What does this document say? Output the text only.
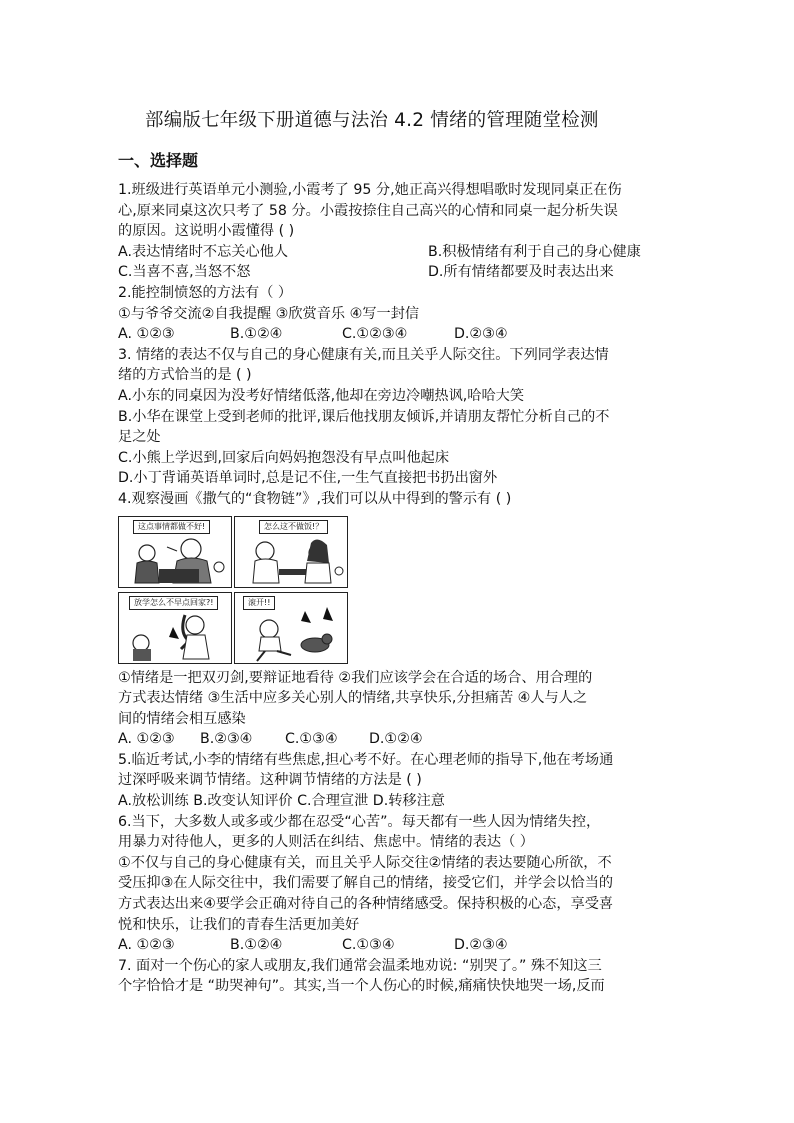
部编版七年级下册道德与法治 4.2 情绪的管理随堂检测
一、选择题
1.班级进行英语单元小测验,小霞考了 95 分,她正高兴得想唱歌时发现同桌正在伤
心,原来同桌这次只考了 58 分。小霞按捺住自己高兴的心情和同桌一起分析失误
的原因。这说明小霞懂得 ( )
A.表达情绪时不忘关心他人	B.积极情绪有利于自己的身心健康
C.当喜不喜,当怒不怒	D.所有情绪都要及时表达出来
2.能控制愤怒的方法有（ ）
①与爷爷交流②自我提醒 ③欣赏音乐 ④写一封信
A. ①②③	B.①②④	C.①②③④	D.②③④
3. 情绪的表达不仅与自己的身心健康有关,而且关乎人际交往。下列同学表达情
绪的方式恰当的是 ( )
A.小东的同桌因为没考好情绪低落,他却在旁边冷嘲热讽,哈哈大笑
B.小华在课堂上受到老师的批评,课后他找朋友倾诉,并请朋友帮忙分析自己的不
足之处
C.小熊上学迟到,回家后向妈妈抱怨没有早点叫他起床
D.小丁背诵英语单词时,总是记不住,一生气直接把书扔出窗外
4.观察漫画《撒气的“食物链”》,我们可以从中得到的警示有 ( )
这点事情都做不好!	怎么这不做饭!？
放学怎么不早点回家?!	滚开!!
①情绪是一把双刃剑,要辩证地看待 ②我们应该学会在合适的场合、用合理的
方式表达情绪 ③生活中应多关心别人的情绪,共享快乐,分担痛苦 ④人与人之
间的情绪会相互感染
A. ①②③ B.②③④ C.①③④ D.①②④
5.临近考试,小李的情绪有些焦虑,担心考不好。在心理老师的指导下,他在考场通
过深呼吸来调节情绪。这种调节情绪的方法是 ( )
A.放松训练 B.改变认知评价 C.合理宣泄 D.转移注意
6.当下，大多数人或多或少都在忍受“心苦”。每天都有一些人因为情绪失控，
用暴力对待他人，更多的人则活在纠结、焦虑中。情绪的表达（ ）
①不仅与自己的身心健康有关，而且关乎人际交往②情绪的表达要随心所欲，不
受压抑③在人际交往中，我们需要了解自己的情绪，接受它们，并学会以恰当的
方式表达出来④要学会正确对待自己的各种情绪感受。保持积极的心态，享受喜
悦和快乐，让我们的青春生活更加美好
A. ①②③	B.①②④	C.①③④	D.②③④
7. 面对一个伤心的家人或朋友,我们通常会温柔地劝说: “别哭了。” 殊不知这三
个字恰恰才是 “助哭神句”。其实,当一个人伤心的时候,痛痛快快地哭一场,反而
